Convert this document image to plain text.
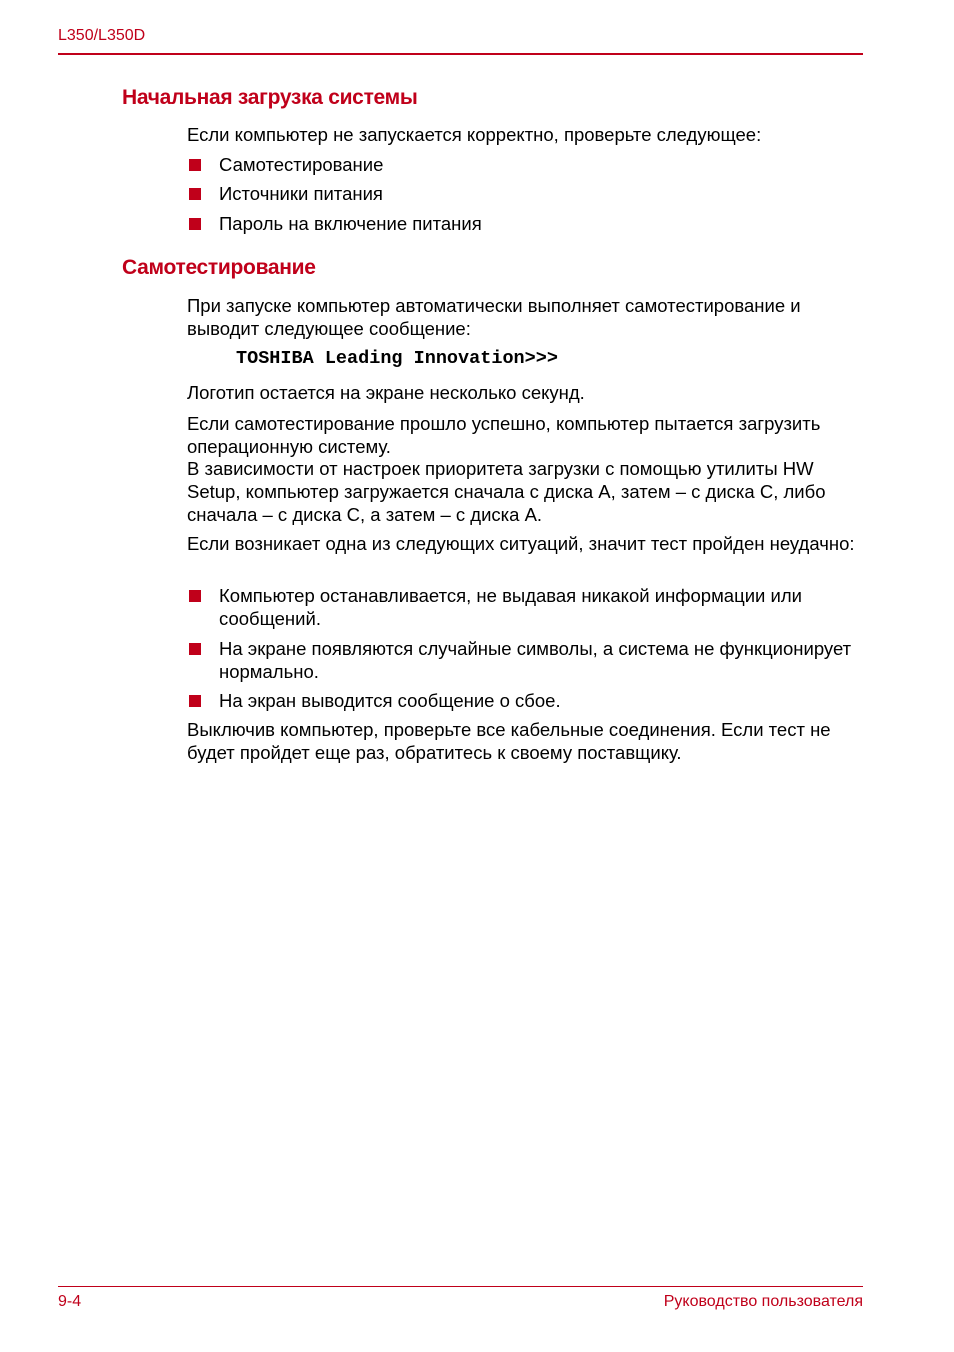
L350/L350D
Начальная загрузка системы

Если компьютер не запускается корректно, проверьте следующее:

Самотестирование
Источники питания
Пароль на включение питания
Самотестирование

При запуске компьютер автоматически выполняет самотестирование и выводит следующее сообщение:

TOSHIBA Leading Innovation>>>

Логотип остается на экране несколько секунд.

Если самотестирование прошло успешно, компьютер пытается загрузить операционную систему.

В зависимости от настроек приоритета загрузки с помощью утилиты HW Setup, компьютер загружается сначала с диска A, затем – с диска C, либо сначала – с диска C, а затем – с диска A.

Если возникает одна из следующих ситуаций, значит тест пройден неудачно:

Компьютер останавливается, не выдавая никакой информации или сообщений.
На экране появляются случайные символы, а система не функционирует нормально.
На экран выводится сообщение о сбое.

Выключив компьютер, проверьте все кабельные соединения. Если тест не будет пройдет еще раз, обратитесь к своему поставщику.

9-4	Руководство пользователя
